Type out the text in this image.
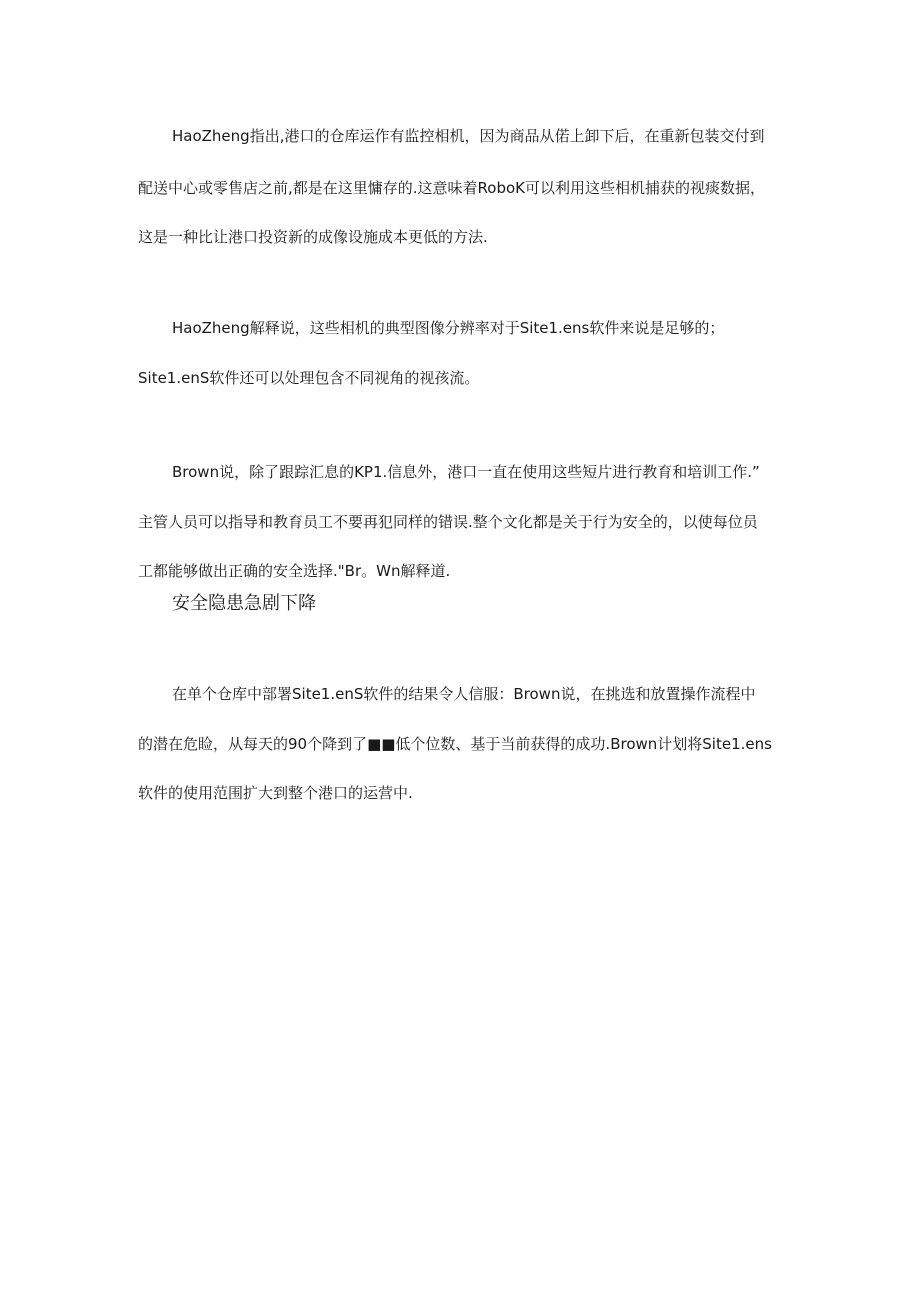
HaoZheng指出,港口的仓库运作有监控相机，因为商品从偌上卸下后，在重新包装交付到
配送中心或零售店之前,都是在这里慵存的.这意味着RoboK可以利用这些相机捕获的视痰数据，
这是一种比让港口投资新的成像设施成本更低的方法.
HaoZheng解释说，这些相机的典型图像分辨率对于Site1.ens软件来说是足够的；
Site1.enS软件还可以处理包含不同视角的视孩流。
Brown说，除了跟踪汇息的KP1.信息外，港口一直在使用这些短片进行教育和培训工作.”
主管人员可以指导和教育员工不要再犯同样的错误.整个文化都是关于行为安全的，以使每位员
工都能够做出正确的安全选择."Br。Wn解释道.
安全隐患急剧下降
在单个仓库中部署Site1.enS软件的结果令人信服：Brown说，在挑选和放置操作流程中
的潜在危睑，从每天的90个降到了■■低个位数、基于当前获得的成功.Brown计划将Site1.ens
软件的使用范围扩大到整个港口的运营中.
